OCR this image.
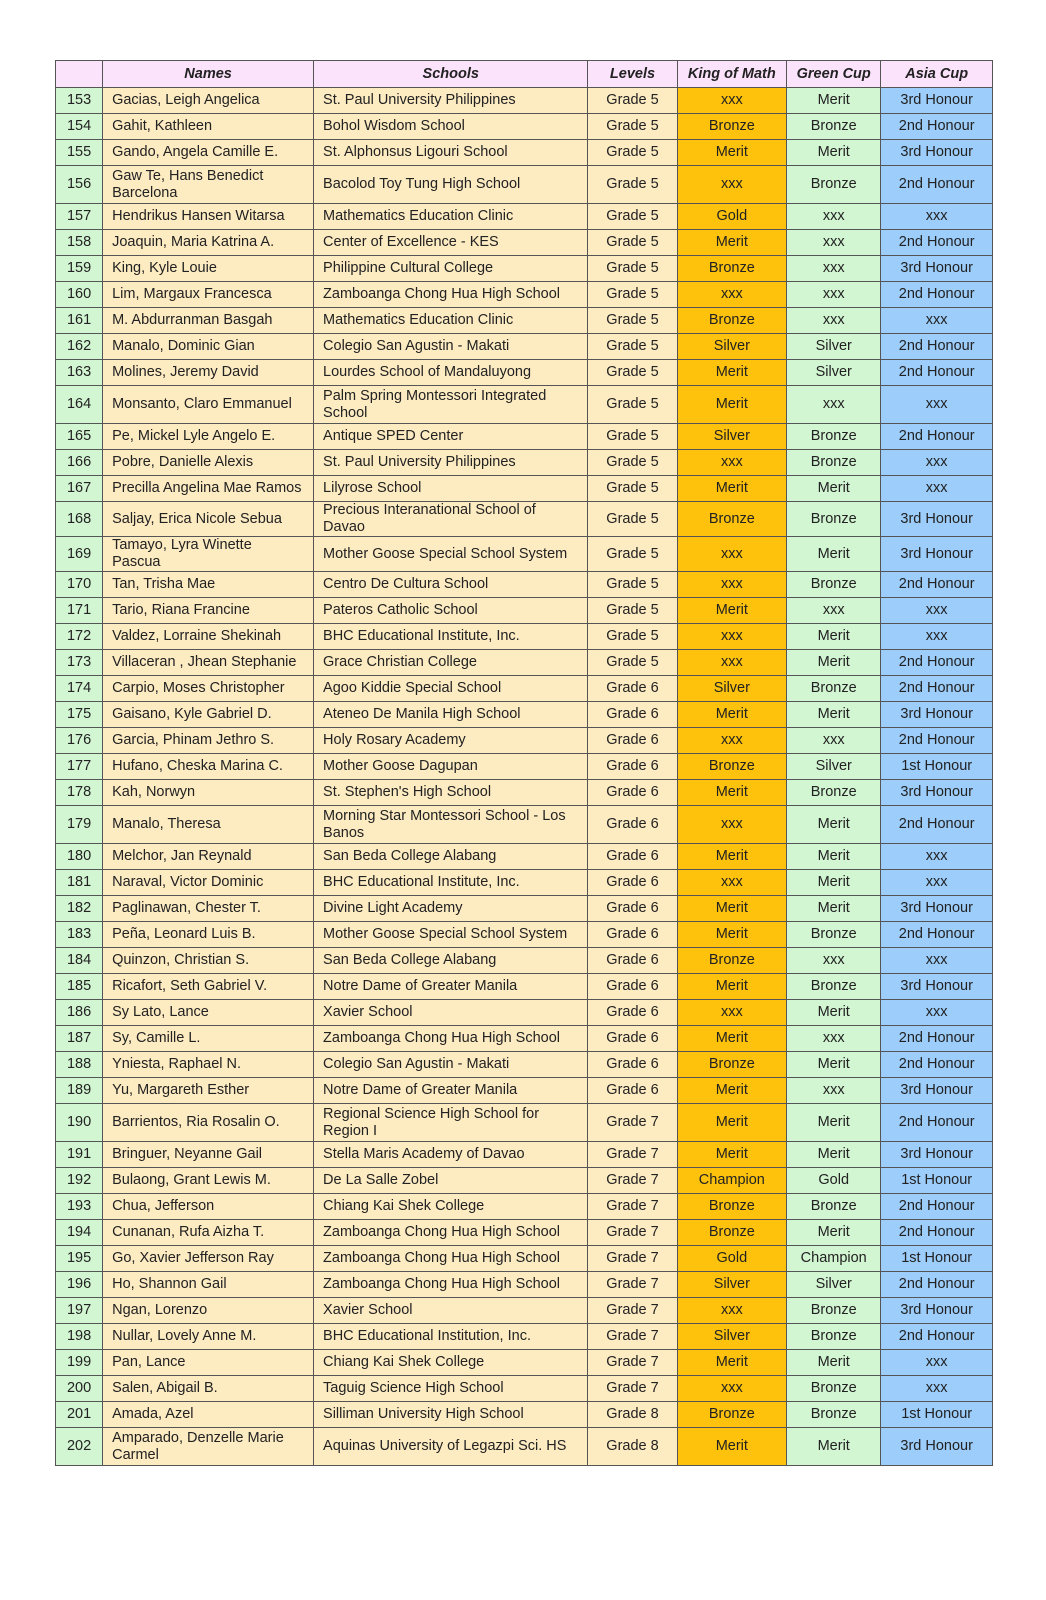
	Names	Schools	Levels	King of Math	Green Cup	Asia Cup
153	Gacias, Leigh Angelica	St. Paul University Philippines	Grade 5	xxx	Merit	3rd Honour
154	Gahit, Kathleen	Bohol Wisdom School	Grade 5	Bronze	Bronze	2nd Honour
155	Gando, Angela Camille E.	St. Alphonsus Ligouri School	Grade 5	Merit	Merit	3rd Honour
156	Gaw Te, Hans Benedict Barcelona	Bacolod Toy Tung High School	Grade 5	xxx	Bronze	2nd Honour
157	Hendrikus Hansen Witarsa	Mathematics Education Clinic	Grade 5	Gold	xxx	xxx
158	Joaquin, Maria Katrina A.	Center of Excellence - KES	Grade 5	Merit	xxx	2nd Honour
159	King, Kyle Louie	Philippine Cultural College	Grade 5	Bronze	xxx	3rd Honour
160	Lim, Margaux Francesca	Zamboanga Chong Hua High School	Grade 5	xxx	xxx	2nd Honour
161	M. Abdurranman Basgah	Mathematics Education Clinic	Grade 5	Bronze	xxx	xxx
162	Manalo, Dominic Gian	Colegio San Agustin - Makati	Grade 5	Silver	Silver	2nd Honour
163	Molines, Jeremy David	Lourdes School of Mandaluyong	Grade 5	Merit	Silver	2nd Honour
164	Monsanto, Claro Emmanuel	Palm Spring Montessori Integrated School	Grade 5	Merit	xxx	xxx
165	Pe, Mickel Lyle Angelo E.	Antique SPED Center	Grade 5	Silver	Bronze	2nd Honour
166	Pobre, Danielle Alexis	St. Paul University Philippines	Grade 5	xxx	Bronze	xxx
167	Precilla Angelina Mae Ramos	Lilyrose School	Grade 5	Merit	Merit	xxx
168	Saljay, Erica Nicole Sebua	Precious Interanational School of Davao	Grade 5	Bronze	Bronze	3rd Honour
169	Tamayo, Lyra Winette Pascua	Mother Goose Special School System	Grade 5	xxx	Merit	3rd Honour
170	Tan, Trisha Mae	Centro De Cultura School	Grade 5	xxx	Bronze	2nd Honour
171	Tario, Riana Francine	Pateros Catholic School	Grade 5	Merit	xxx	xxx
172	Valdez, Lorraine Shekinah	BHC Educational Institute, Inc.	Grade 5	xxx	Merit	xxx
173	Villaceran , Jhean Stephanie	Grace Christian College	Grade 5	xxx	Merit	2nd Honour
174	Carpio, Moses Christopher	Agoo Kiddie Special School	Grade 6	Silver	Bronze	2nd Honour
175	Gaisano, Kyle Gabriel D.	Ateneo De Manila High School	Grade 6	Merit	Merit	3rd Honour
176	Garcia, Phinam Jethro S.	Holy Rosary Academy	Grade 6	xxx	xxx	2nd Honour
177	Hufano, Cheska Marina C.	Mother Goose Dagupan	Grade 6	Bronze	Silver	1st Honour
178	Kah, Norwyn	St. Stephen's High School	Grade 6	Merit	Bronze	3rd Honour
179	Manalo, Theresa	Morning Star Montessori School - Los Banos	Grade 6	xxx	Merit	2nd Honour
180	Melchor, Jan Reynald	San Beda College Alabang	Grade 6	Merit	Merit	xxx
181	Naraval, Victor Dominic	BHC Educational Institute, Inc.	Grade 6	xxx	Merit	xxx
182	Paglinawan, Chester T.	Divine Light Academy	Grade 6	Merit	Merit	3rd Honour
183	Peña, Leonard Luis B.	Mother Goose Special School System	Grade 6	Merit	Bronze	2nd Honour
184	Quinzon, Christian S.	San Beda College Alabang	Grade 6	Bronze	xxx	xxx
185	Ricafort, Seth Gabriel V.	Notre Dame of Greater Manila	Grade 6	Merit	Bronze	3rd Honour
186	Sy Lato, Lance	Xavier School	Grade 6	xxx	Merit	xxx
187	Sy, Camille L.	Zamboanga Chong Hua High School	Grade 6	Merit	xxx	2nd Honour
188	Yniesta, Raphael N.	Colegio San Agustin - Makati	Grade 6	Bronze	Merit	2nd Honour
189	Yu, Margareth Esther	Notre Dame of Greater Manila	Grade 6	Merit	xxx	3rd Honour
190	Barrientos, Ria Rosalin O.	Regional Science High School for Region I	Grade 7	Merit	Merit	2nd Honour
191	Bringuer, Neyanne Gail	Stella Maris Academy of Davao	Grade 7	Merit	Merit	3rd Honour
192	Bulaong, Grant Lewis M.	De La Salle Zobel	Grade 7	Champion	Gold	1st Honour
193	Chua, Jefferson	Chiang Kai Shek College	Grade 7	Bronze	Bronze	2nd Honour
194	Cunanan, Rufa Aizha T.	Zamboanga Chong Hua High School	Grade 7	Bronze	Merit	2nd Honour
195	Go, Xavier Jefferson Ray	Zamboanga Chong Hua High School	Grade 7	Gold	Champion	1st Honour
196	Ho, Shannon Gail	Zamboanga Chong Hua High School	Grade 7	Silver	Silver	2nd Honour
197	Ngan, Lorenzo	Xavier School	Grade 7	xxx	Bronze	3rd Honour
198	Nullar, Lovely Anne M.	BHC Educational Institution, Inc.	Grade 7	Silver	Bronze	2nd Honour
199	Pan, Lance	Chiang Kai Shek College	Grade 7	Merit	Merit	xxx
200	Salen, Abigail B.	Taguig Science High School	Grade 7	xxx	Bronze	xxx
201	Amada, Azel	Silliman University High School	Grade 8	Bronze	Bronze	1st Honour
202	Amparado, Denzelle Marie Carmel	Aquinas University of Legazpi Sci. HS	Grade 8	Merit	Merit	3rd Honour
